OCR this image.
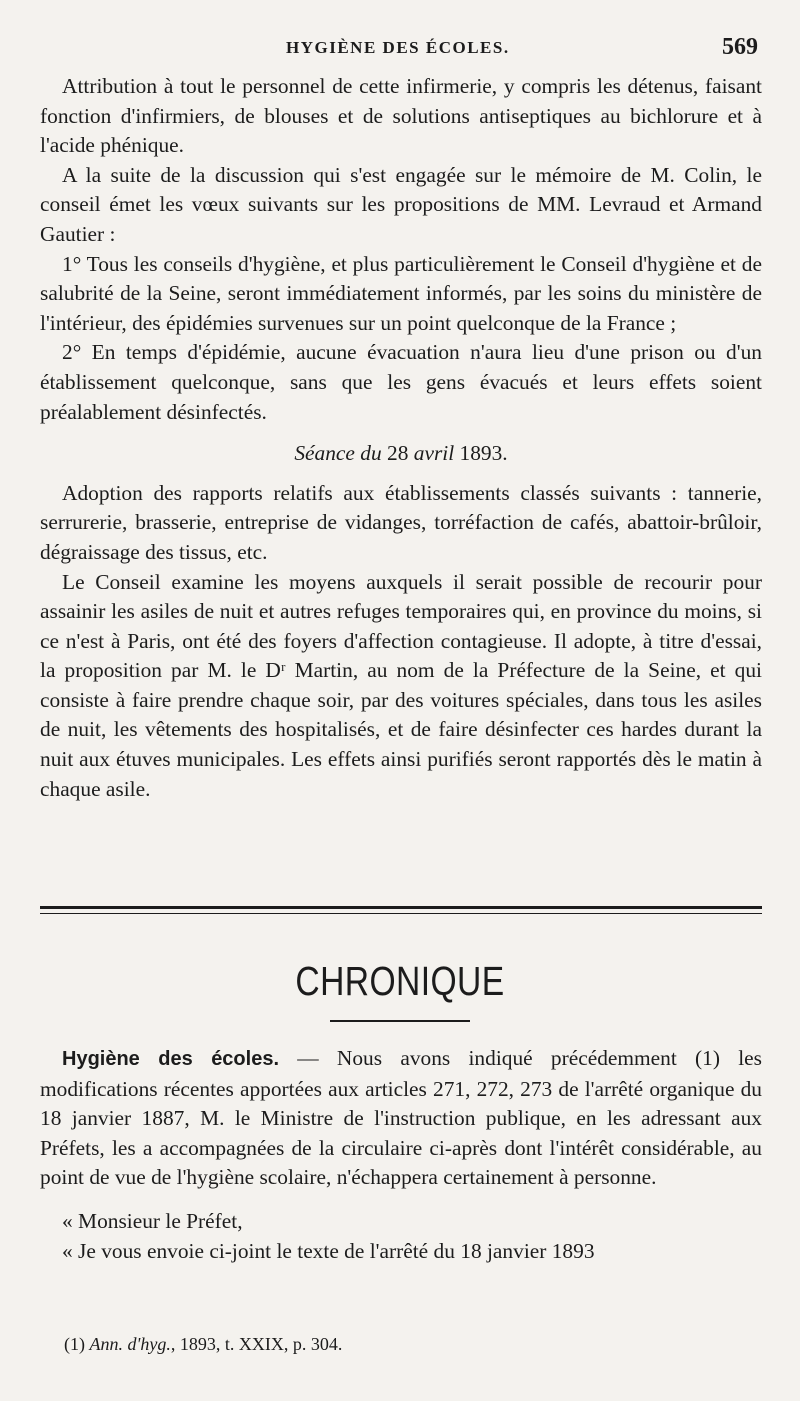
HYGIÈNE DES ÉCOLES.	569

Attribution à tout le personnel de cette infirmerie, y compris les détenus, faisant fonction d'infirmiers, de blouses et de solutions antiseptiques au bichlorure et à l'acide phénique.

A la suite de la discussion qui s'est engagée sur le mémoire de M. Colin, le conseil émet les vœux suivants sur les propositions de MM. Levraud et Armand Gautier :

1° Tous les conseils d'hygiène, et plus particulièrement le Conseil d'hygiène et de salubrité de la Seine, seront immédiatement informés, par les soins du ministère de l'intérieur, des épidémies survenues sur un point quelconque de la France ;

2° En temps d'épidémie, aucune évacuation n'aura lieu d'une prison ou d'un établissement quelconque, sans que les gens évacués et leurs effets soient préalablement désinfectés.

Séance du 28 avril 1893.

Adoption des rapports relatifs aux établissements classés suivants : tannerie, serrurerie, brasserie, entreprise de vidanges, torréfaction de cafés, abattoir-brûloir, dégraissage des tissus, etc.

Le Conseil examine les moyens auxquels il serait possible de recourir pour assainir les asiles de nuit et autres refuges temporaires qui, en province du moins, si ce n'est à Paris, ont été des foyers d'affection contagieuse. Il adopte, à titre d'essai, la proposition par M. le Dʳ Martin, au nom de la Préfecture de la Seine, et qui consiste à faire prendre chaque soir, par des voitures spéciales, dans tous les asiles de nuit, les vêtements des hospitalisés, et de faire désinfecter ces hardes durant la nuit aux étuves municipales. Les effets ainsi purifiés seront rapportés dès le matin à chaque asile.

CHRONIQUE

Hygiène des écoles. — Nous avons indiqué précédemment (1) les modifications récentes apportées aux articles 271, 272, 273 de l'arrêté organique du 18 janvier 1887, M. le Ministre de l'instruction publique, en les adressant aux Préfets, les a accompagnées de la circulaire ci-après dont l'intérêt considérable, au point de vue de l'hygiène scolaire, n'échappera certainement à personne.

« Monsieur le Préfet,

« Je vous envoie ci-joint le texte de l'arrêté du 18 janvier 1893

(1) Ann. d'hyg., 1893, t. XXIX, p. 304.
